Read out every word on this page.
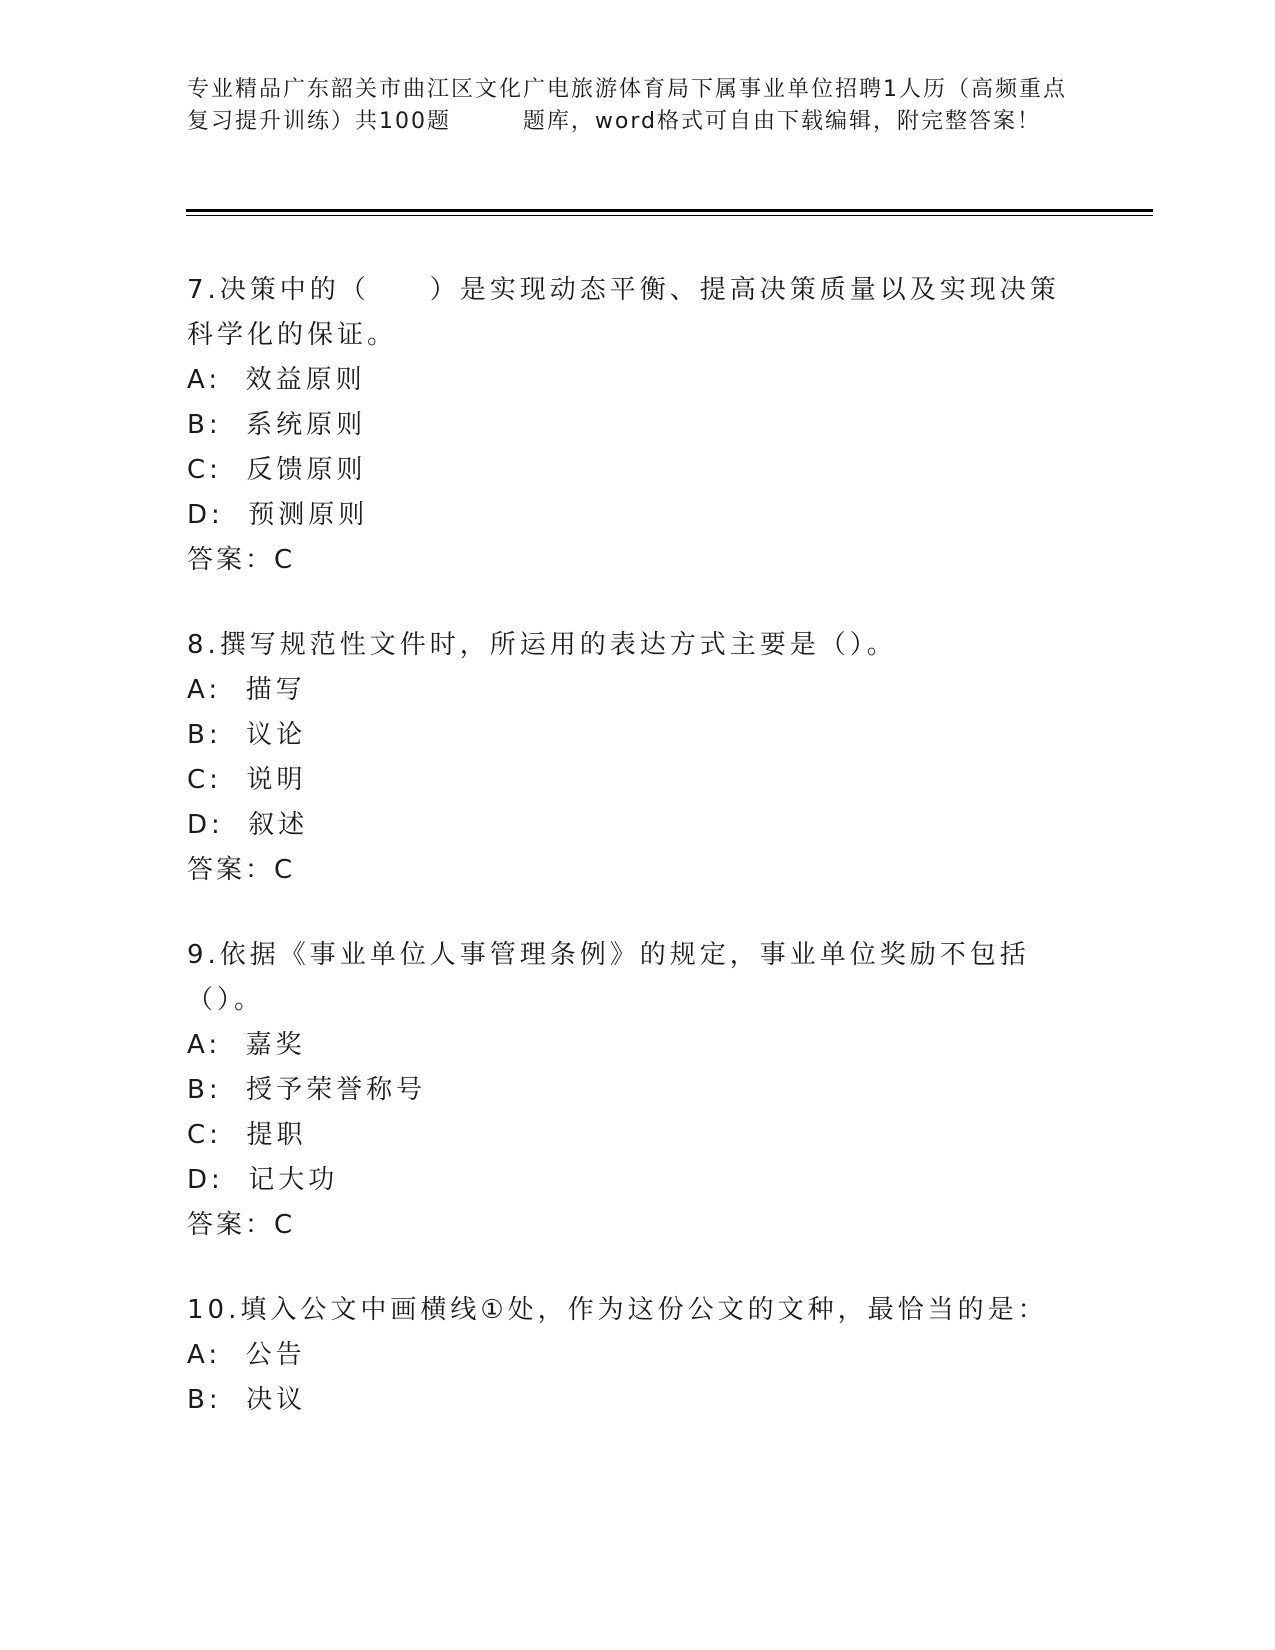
专业精品广东韶关市曲江区文化广电旅游体育局下属事业单位招聘1人历（高频重点复习提升训练）共100题        题库，word格式可自由下载编辑，附完整答案！
7.决策中的（　　）是实现动态平衡、提高决策质量以及实现决策科学化的保证。
A:  效益原则
B:  系统原则
C:  反馈原则
D:  预测原则
答案：C
8.撰写规范性文件时，所运用的表达方式主要是（）。
A:  描写
B:  议论
C:  说明
D:  叙述
答案：C
9.依据《事业单位人事管理条例》的规定，事业单位奖励不包括（）。
A:  嘉奖
B:  授予荣誉称号
C:  提职
D:  记大功
答案：C
10.填入公文中画横线①处，作为这份公文的文种，最恰当的是：
A:  公告
B:  决议
